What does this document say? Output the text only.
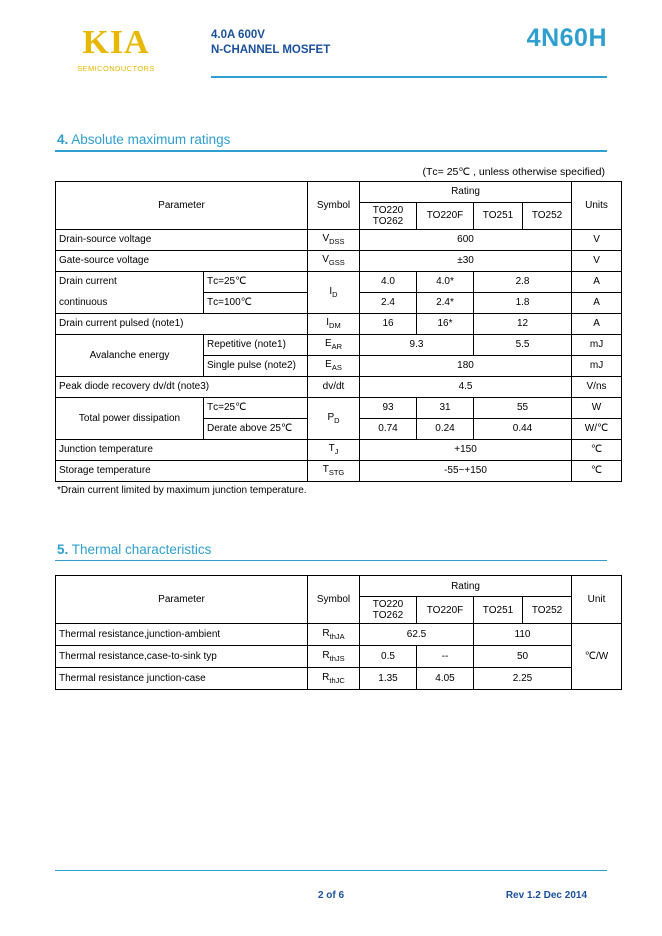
KIA
SEMICONDUCTORS
4.0A 600V
N-CHANNEL MOSFET	4N60H
4. Absolute maximum ratings
(Tᴄ= 25℃ , unless otherwise specified)
Parameter		Symbol	Rating				Units

			TO220
TO262	TO220F	TO251	TO252	
Drain-source voltage		$V_{DSS}$	600				V
Gate-source voltage		$V_{GSS}$	±30				V
Drain current	Tᴄ=25℃	$I_D$	4.0	4.0*	2.8		A
continuous	Tᴄ=100℃		2.4	2.4*	1.8		A
Drain current pulsed (note1)		$I_{DM}$	16	16*	12		A
Avalanche energy	Repetitive (note1)	$E_{AR}$	9.3		5.5		mJ
	Single pulse (note2)	$E_{AS}$	180				mJ
Peak diode recovery dv/dt (note3)		dv/dt	4.5				V/ns
Total power dissipation	Tᴄ=25℃	$P_D$	93	31	55		W
	Derate above 25℃		0.74	0.24	0.44		W/℃
Junction temperature		$T_J$	+150				℃
Storage temperature		$T_{STG}$	-55~+150				℃
*Drain current limited by maximum junction temperature.
5. Thermal characteristics
Parameter	Symbol	Rating				Unit

		TO220
TO262	TO220F	TO251	TO252	
Thermal resistance,junction-ambient	$R_{thJA}$	62.5		110		℃/W
Thermal resistance,case-to-sink typ	$R_{thJS}$	0.5	--	50		
Thermal resistance junction-case	$R_{thJC}$	1.35	4.05	2.25		
2 of 6	Rev 1.2 Dec 2014
